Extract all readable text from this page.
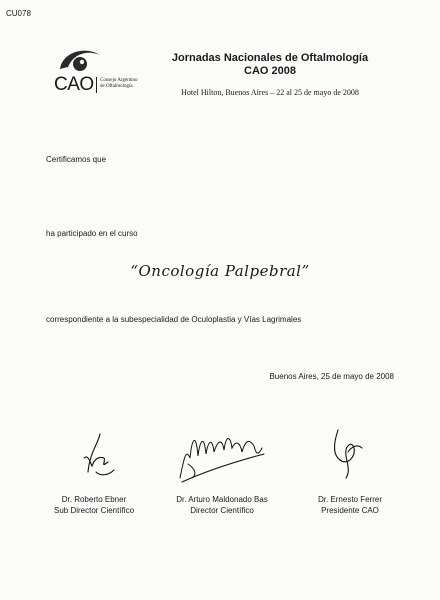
CU078
CAO Consejo Argentino
de Oftalmología
Jornadas Nacionales de Oftalmología
CAO 2008
Hotel Hilton, Buenos Aires – 22 al 25 de mayo de 2008
Certificamos que
ha participado en el curso
“Oncología Palpebral”
correspondiente a la subespecialidad de Oculoplastia y Vías Lagrimales
Buenos Aires, 25 de mayo de 2008
Dr. Roberto Ebner
Sub Director Científico
Dr. Arturo Maldonado Bas
Director Científico
Dr. Ernesto Ferrer
Presidente CAO
